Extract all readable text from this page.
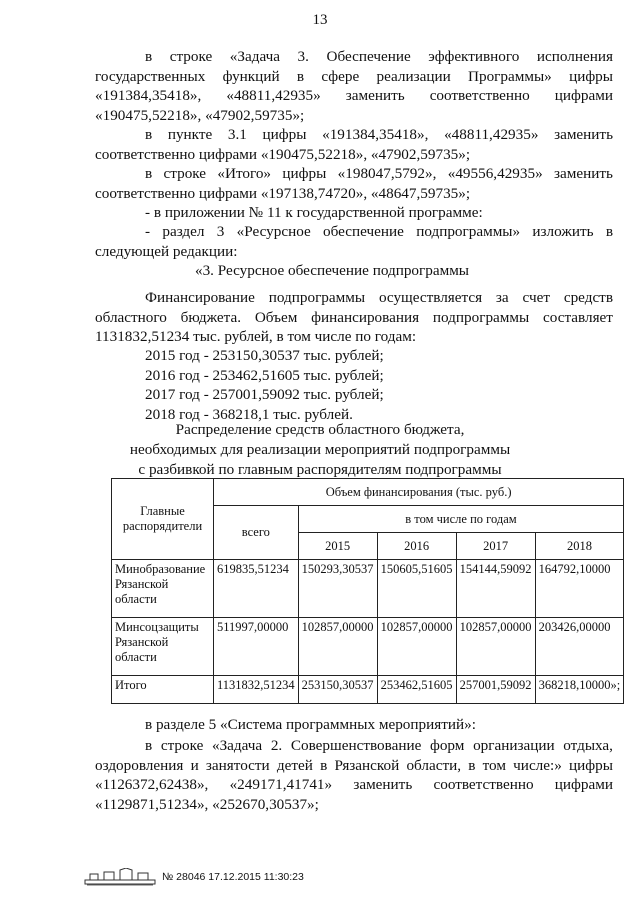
13
в строке «Задача 3. Обеспечение эффективного исполнения
государственных функций в сфере реализации Программы» цифры
«191384,35418», «48811,42935» заменить соответственно цифрами
«190475,52218», «47902,59735»;
в пункте 3.1 цифры «191384,35418», «48811,42935» заменить
соответственно цифрами «190475,52218», «47902,59735»;
в строке «Итого» цифры «198047,5792», «49556,42935» заменить
соответственно цифрами «197138,74720», «48647,59735»;
- в приложении № 11 к государственной программе:
- раздел 3 «Ресурсное обеспечение подпрограммы» изложить в
следующей редакции:
«3. Ресурсное обеспечение подпрограммы
Финансирование подпрограммы осуществляется за счет средств
областного бюджета. Объем финансирования подпрограммы составляет
1131832,51234 тыс. рублей, в том числе по годам:
2015 год - 253150,30537 тыс. рублей;
2016 год - 253462,51605 тыс. рублей;
2017 год - 257001,59092 тыс. рублей;
2018 год - 368218,1 тыс. рублей.
Распределение средств областного бюджета,
необходимых для реализации мероприятий подпрограммы
с разбивкой по главным распорядителям подпрограммы
Главные распорядители	Объем финансирования (тыс. руб.)				
	всего	в том числе по годам			
		2015	2016	2017	2018
Минобразование Рязанской области	619835,51234	150293,30537	150605,51605	154144,59092	164792,10000
Минсоцзащиты Рязанской области	511997,00000	102857,00000	102857,00000	102857,00000	203426,00000
Итого	1131832,51234	253150,30537	253462,51605	257001,59092	368218,10000»;
в разделе 5 «Система программных мероприятий»:
в строке «Задача 2. Совершенствование форм организации отдыха,
оздоровления и занятости детей в Рязанской области, в том числе:» цифры
«1126372,62438», «249171,41741» заменить соответственно цифрами
«1129871,51234», «252670,30537»;
№ 28046 17.12.2015 11:30:23
